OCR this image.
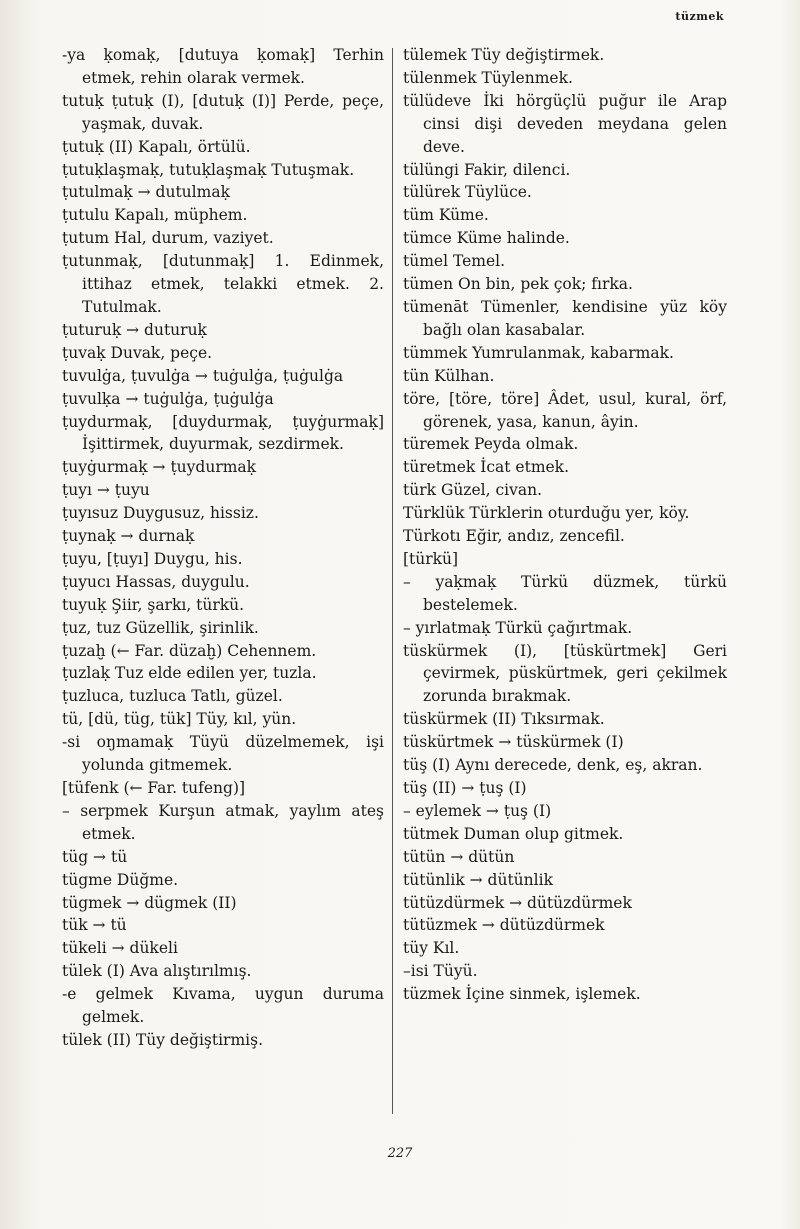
tüzmek
-ya ḳomaḳ, [dutuya ḳomaḳ] Terhin etmek, rehin olarak vermek.
tutuḳ ṭutuḳ (I), [dutuḳ (I)] Perde, peçe, yaşmak, duvak.
ṭutuḳ (II) Kapalı, örtülü.
ṭutuḳlaşmaḳ, tutuḳlaşmaḳ Tutuşmak.
ṭutulmaḳ → dutulmaḳ
ṭutulu Kapalı, müphem.
ṭutum Hal, durum, vaziyet.
ṭutunmaḳ, [dutunmaḳ] 1. Edinmek, ittihaz etmek, telakki etmek. 2. Tutulmak.
ṭuturuḳ → duturuḳ
ṭuvaḳ Duvak, peçe.
tuvulġa, ṭuvulġa → tuġulġa, ṭuġulġa
ṭuvulḳa → tuġulġa, ṭuġulġa
ṭuydurmaḳ, [duydurmaḳ, ṭuyġurmaḳ] İşittirmek, duyurmak, sezdirmek.
ṭuyġurmaḳ → ṭuydurmaḳ
ṭuyı → ṭuyu
ṭuyısuz Duygusuz, hissiz.
ṭuynaḳ → durnaḳ
ṭuyu, [ṭuyı] Duygu, his.
ṭuyucı Hassas, duygulu.
tuyuḳ Şiir, şarkı, türkü.
ṭuz, tuz Güzellik, şirinlik.
ṭuzaḫ (← Far. düzaḫ) Cehennem.
ṭuzlaḳ Tuz elde edilen yer, tuzla.
ṭuzluca, tuzluca Tatlı, güzel.
tü, [dü, tüg, tük] Tüy, kıl, yün.
-si oŋmamaḳ Tüyü düzelmemek, işi yolunda gitmemek.
[tüfenk (← Far. tufeng)]
– serpmek Kurşun atmak, yaylım ateş etmek.
tüg → tü
tügme Düğme.
tügmek → dügmek (II)
tük → tü
tükeli → dükeli
tülek (I) Ava alıştırılmış.
-e gelmek Kıvama, uygun duruma gelmek.
tülek (II) Tüy değiştirmiş.
tülemek Tüy değiştirmek.
tülenmek Tüylenmek.
tülüdeve İki hörgüçlü puğur ile Arap cinsi dişi deveden meydana gelen deve.
tülüngi Fakir, dilenci.
tülürek Tüylüce.
tüm Küme.
tümce Küme halinde.
tümel Temel.
tümen On bin, pek çok; fırka.
tümenāt Tümenler, kendisine yüz köy bağlı olan kasabalar.
tümmek Yumrulanmak, kabarmak.
tün Külhan.
töre, [töre, töre] Âdet, usul, kural, örf, görenek, yasa, kanun, âyin.
türemek Peyda olmak.
türetmek İcat etmek.
türk Güzel, civan.
Türklük Türklerin oturduğu yer, köy.
Türkotı Eğir, andız, zencefil.
[türkü]
– yaḳmaḳ Türkü düzmek, türkü bestelemek.
– yırlatmaḳ Türkü çağırtmak.
tüskürmek (I), [tüskürtmek] Geri çevirmek, püskürtmek, geri çekilmek zorunda bırakmak.
tüskürmek (II) Tıksırmak.
tüskürtmek → tüskürmek (I)
tüş (I) Aynı derecede, denk, eş, akran.
tüş (II) → ṭuş (I)
– eylemek → ṭuş (I)
tütmek Duman olup gitmek.
tütün → dütün
tütünlik → dütünlik
tütüzdürmek → dütüzdürmek
tütüzmek → dütüzdürmek
tüy Kıl.
–isi Tüyü.
tüzmek İçine sinmek, işlemek.
227
